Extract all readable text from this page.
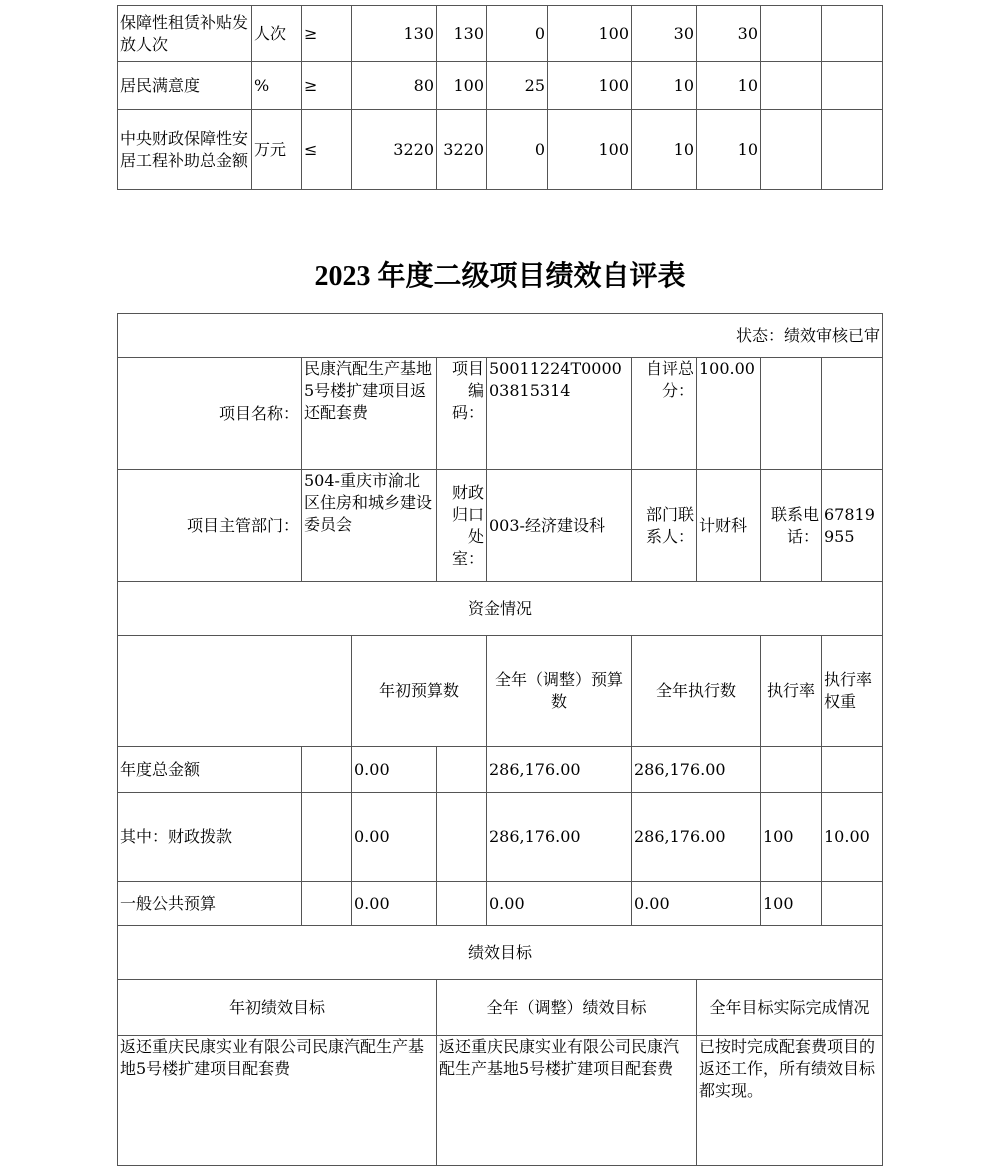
保障性租赁补贴发放人次	人次	≥	130	130	0	100	30	30		
居民满意度	%	≥	80	100	25	100	10	10		
中央财政保障性安居工程补助总金额	万元	≤	3220	3220	0	100	10	10		
2023 年度二级项目绩效自评表
状态：绩效审核已审									
项目名称：	民康汽配生产基地5号楼扩建项目返还配套费		项目编码：	50011224T000003815314	自评总分：	100.00			
项目主管部门：	504-重庆市渝北区住房和城乡建设委员会		财政归口处室：	003-经济建设科	部门联系人：	计财科	联系电话：	67819955	
资金情况									
		年初预算数		全年（调整）预算数	全年执行数		执行率	执行率权重	
年度总金额		0.00		286,176.00	286,176.00				
其中：财政拨款		0.00		286,176.00	286,176.00		100	10.00	
一般公共预算		0.00		0.00	0.00		100		
绩效目标									
年初绩效目标			全年（调整）绩效目标			全年目标实际完成情况			
返还重庆民康实业有限公司民康汽配生产基地5号楼扩建项目配套费			返还重庆民康实业有限公司民康汽配生产基地5号楼扩建项目配套费			已按时完成配套费项目的返还工作，所有绩效目标都实现。			
